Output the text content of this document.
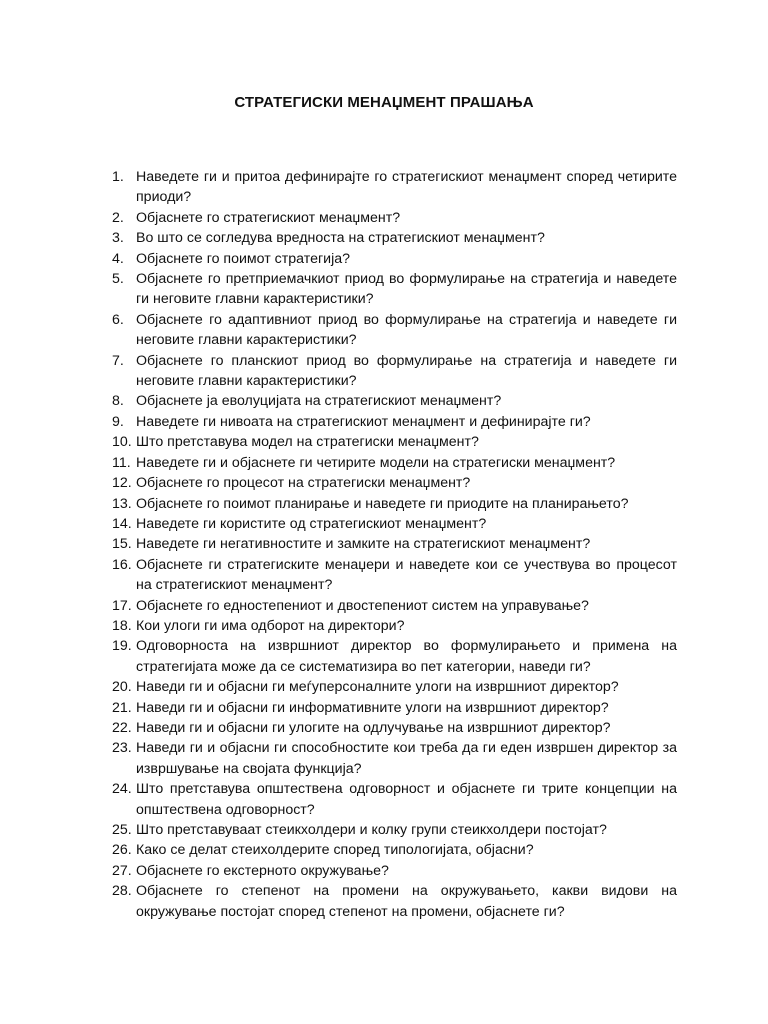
СТРАТЕГИСКИ МЕНАЏМЕНТ ПРАШАЊА
1. Наведете ги и притоа дефинирајте го стратегискиот менаџмент според четирите приоди?
2. Објаснете го стратегискиот менаџмент?
3. Во што се согледува вредноста на стратегискиот менаџмент?
4. Објаснете го поимот стратегија?
5. Објаснете го претприемачкиот приод во формулирање на стратегија и наведете ги неговите главни карактеристики?
6. Објаснете го адаптивниот приод во формулирање на стратегија и наведете ги неговите главни карактеристики?
7. Објаснете го планскиот приод во формулирање на стратегија и наведете ги неговите главни карактеристики?
8. Објаснете ја еволуцијата на стратегискиот менаџмент?
9. Наведете ги нивоата на стратегискиот менаџмент и дефинирајте ги?
10. Што претставува модел на стратегиски менаџмент?
11. Наведете ги и објаснете ги четирите модели на стратегиски менаџмент?
12. Објаснете го процесот на стратегиски менаџмент?
13. Објаснете го поимот планирање и наведете ги приодите на планирањето?
14. Наведете ги користите од стратегискиот менаџмент?
15. Наведете ги негативностите и замките на стратегискиот менаџмент?
16. Објаснете ги стратегиските менаџери и наведете кои се учествува во процесот на стратегискиот менаџмент?
17. Објаснете го едностепениот и двостепениот систем на управување?
18. Кои улоги ги има одборот на директори?
19. Одговорноста на извршниот директор во формулирањето и примена на стратегијата може да се систематизира во пет категории, наведи ги?
20. Наведи ги и објасни ги меѓуперсоналните улоги на извршниот директор?
21. Наведи ги и објасни ги информативните улоги на извршниот директор?
22. Наведи ги и објасни ги улогите на одлучување на извршниот директор?
23. Наведи ги и објасни ги способностите кои треба да ги еден извршен директор за извршување на својата функција?
24. Што претставува општествена одговорност и објаснете ги трите концепции на општествена одговорност?
25. Што претставуваат стеикхолдери и колку групи стеикхолдери постојат?
26. Како се делат стеихолдерите според типологијата, објасни?
27. Објаснете го екстерното окружување?
28. Објаснете го степенот на промени на окружувањето, какви видови на окружување постојат според степенот на промени, објаснете ги?
